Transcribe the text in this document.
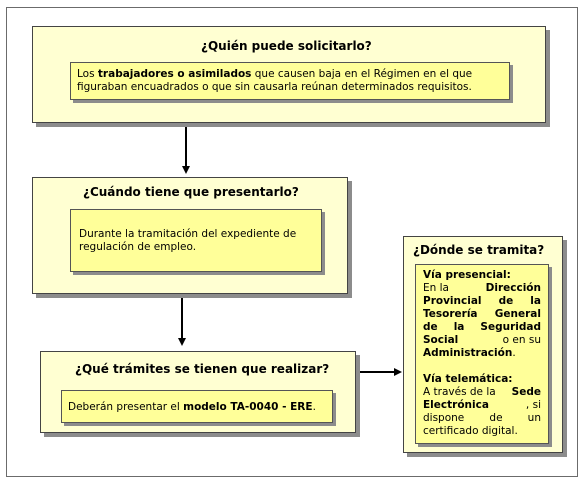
¿Quién puede solicitarlo?
Los trabajadores o asimilados que causen baja en el Régimen en el que
figuraban encuadrados o que sin causarla reúnan determinados requisitos.
¿Cuándo tiene que presentarlo?
Durante la tramitación del expediente de
regulación de empleo.
¿Qué trámites se tienen que realizar?
Deberán presentar el modelo TA-0040 - ERE.
¿Dónde se tramita?
Vía presencial:
En la	Dirección
Provincial de la
Tesorería General
de la Seguridad
Social	o en su
Administración.
Vía telemática:
A través de la Sede
Electrónica	, si
dispone de un
certificado digital.
